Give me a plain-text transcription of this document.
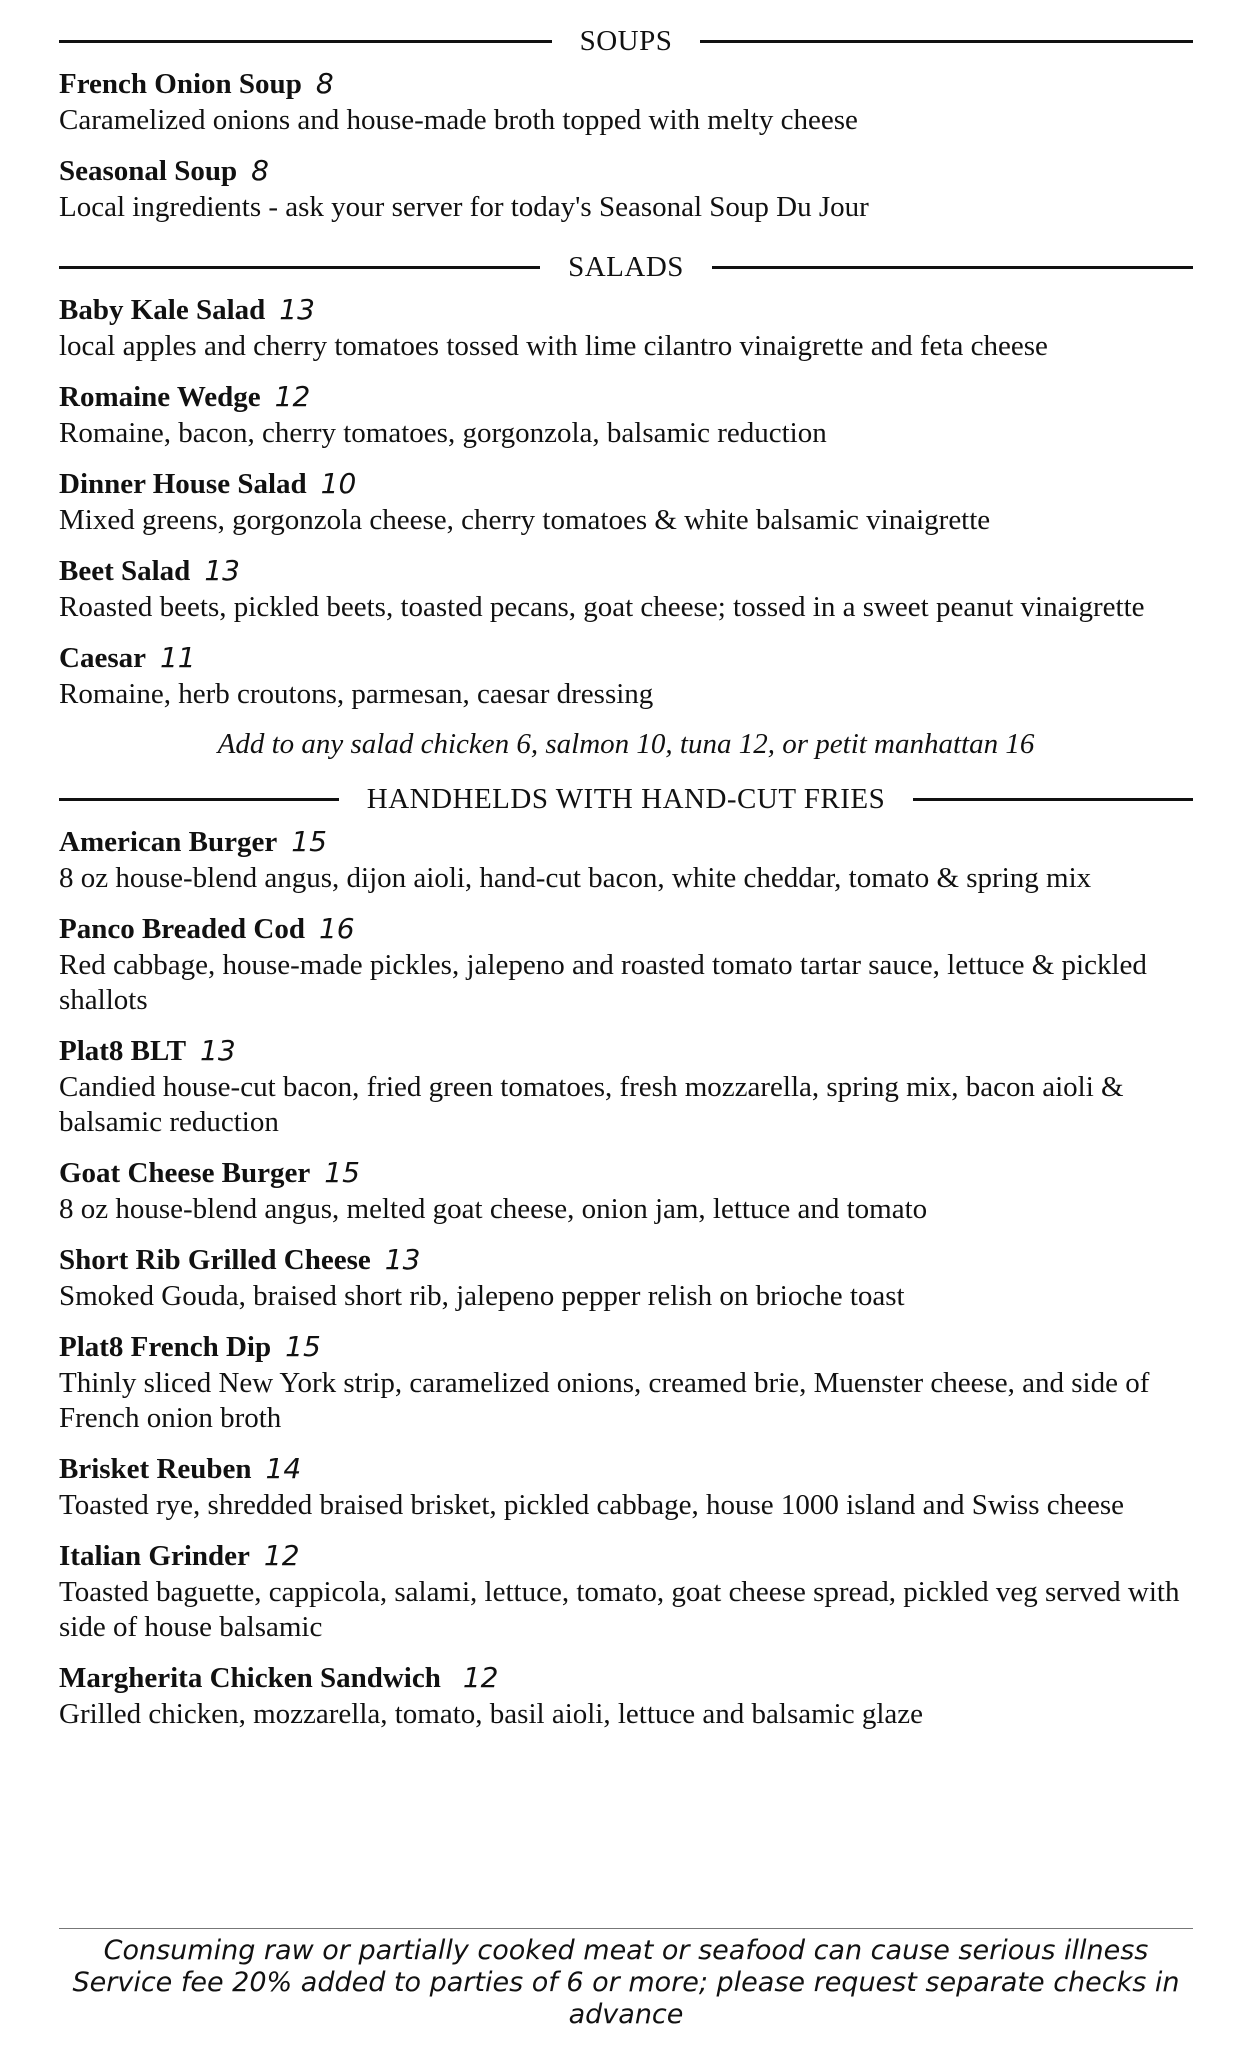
SOUPS
French Onion Soup 8
Caramelized onions and house-made broth topped with melty cheese
Seasonal Soup 8
Local ingredients - ask your server for today's Seasonal Soup Du Jour
SALADS
Baby Kale Salad 13
local apples and cherry tomatoes tossed with lime cilantro vinaigrette and feta cheese
Romaine Wedge 12
Romaine, bacon, cherry tomatoes, gorgonzola, balsamic reduction
Dinner House Salad 10
Mixed greens, gorgonzola cheese, cherry tomatoes & white balsamic vinaigrette
Beet Salad 13
Roasted beets, pickled beets, toasted pecans, goat cheese; tossed in a sweet peanut vinaigrette
Caesar 11
Romaine, herb croutons, parmesan, caesar dressing
Add to any salad chicken 6, salmon 10, tuna 12, or petit manhattan 16
HANDHELDS WITH HAND-CUT FRIES
American Burger 15
8 oz house-blend angus, dijon aioli, hand-cut bacon, white cheddar, tomato & spring mix
Panco Breaded Cod 16
Red cabbage, house-made pickles, jalepeno and roasted tomato tartar sauce, lettuce & pickled shallots
Plat8 BLT 13
Candied house-cut bacon, fried green tomatoes, fresh mozzarella, spring mix, bacon aioli & balsamic reduction
Goat Cheese Burger 15
8 oz house-blend angus, melted goat cheese, onion jam, lettuce and tomato
Short Rib Grilled Cheese 13
Smoked Gouda, braised short rib, jalepeno pepper relish on brioche toast
Plat8 French Dip 15
Thinly sliced New York strip, caramelized onions, creamed brie, Muenster cheese, and side of French onion broth
Brisket Reuben 14
Toasted rye, shredded braised brisket, pickled cabbage, house 1000 island and Swiss cheese
Italian Grinder 12
Toasted baguette, cappicola, salami, lettuce, tomato, goat cheese spread, pickled veg served with side of house balsamic
Margherita Chicken Sandwich 12
Grilled chicken, mozzarella, tomato, basil aioli, lettuce and balsamic glaze
Consuming raw or partially cooked meat or seafood can cause serious illness
Service fee 20% added to parties of 6 or more; please request separate checks in advance
